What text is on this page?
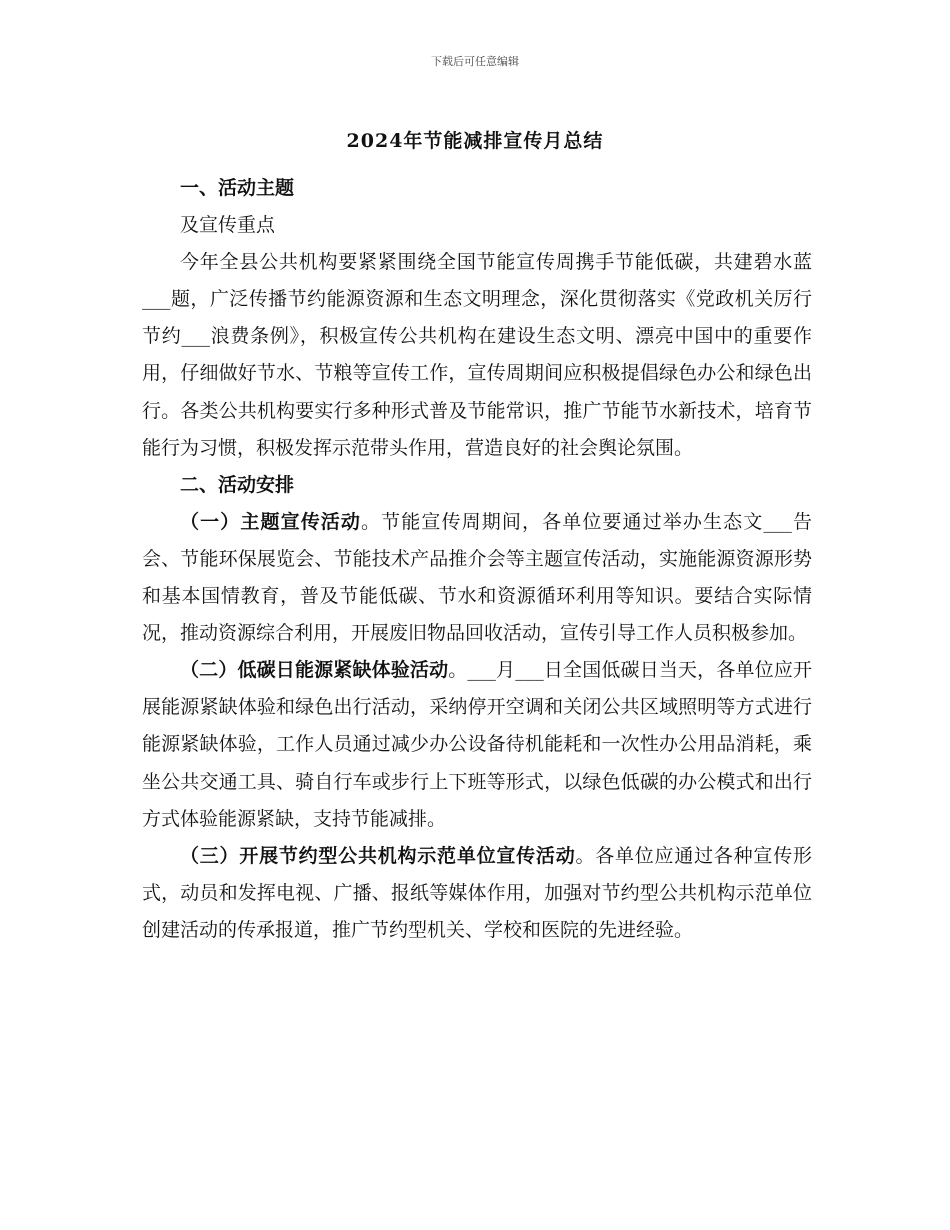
下载后可任意编辑
2024年节能减排宣传月总结

一、活动主题

及宣传重点

今年全县公共机构要紧紧围绕全国节能宣传周携手节能低碳，共建碧水蓝___题，广泛传播节约能源资源和生态文明理念，深化贯彻落实《党政机关厉行节约___浪费条例》，积极宣传公共机构在建设生态文明、漂亮中国中的重要作用，仔细做好节水、节粮等宣传工作，宣传周期间应积极提倡绿色办公和绿色出行。各类公共机构要实行多种形式普及节能常识，推广节能节水新技术，培育节能行为习惯，积极发挥示范带头作用，营造良好的社会舆论氛围。

二、活动安排

（一）主题宣传活动。节能宣传周期间，各单位要通过举办生态文___告会、节能环保展览会、节能技术产品推介会等主题宣传活动，实施能源资源形势和基本国情教育，普及节能低碳、节水和资源循环利用等知识。要结合实际情况，推动资源综合利用，开展废旧物品回收活动，宣传引导工作人员积极参加。

（二）低碳日能源紧缺体验活动。___月___日全国低碳日当天，各单位应开展能源紧缺体验和绿色出行活动，采纳停开空调和关闭公共区域照明等方式进行能源紧缺体验，工作人员通过减少办公设备待机能耗和一次性办公用品消耗，乘坐公共交通工具、骑自行车或步行上下班等形式，以绿色低碳的办公模式和出行方式体验能源紧缺，支持节能减排。

（三）开展节约型公共机构示范单位宣传活动。各单位应通过各种宣传形式，动员和发挥电视、广播、报纸等媒体作用，加强对节约型公共机构示范单位创建活动的传承报道，推广节约型机关、学校和医院的先进经验。
